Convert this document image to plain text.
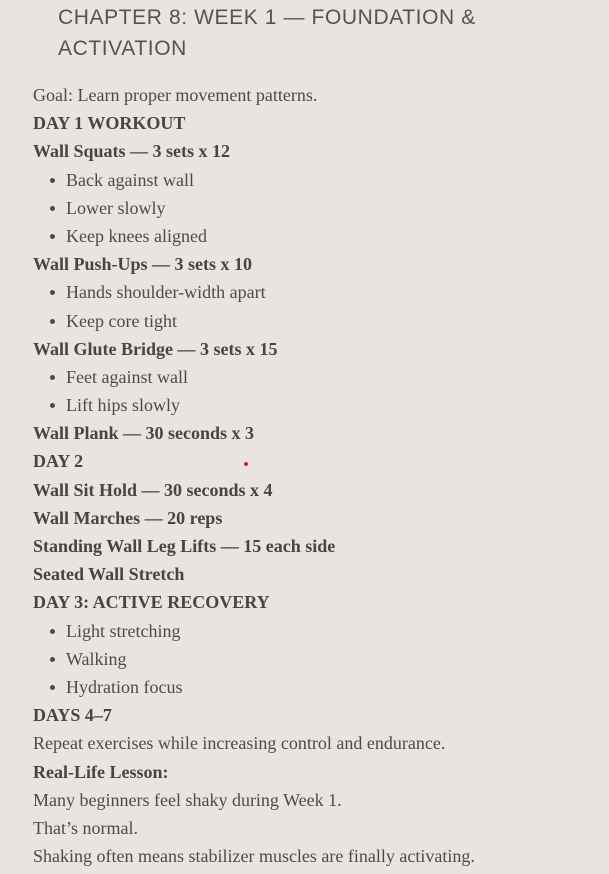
CHAPTER 8: WEEK 1 — FOUNDATION & ACTIVATION
Goal: Learn proper movement patterns.
DAY 1 WORKOUT
Wall Squats — 3 sets x 12
Back against wall
Lower slowly
Keep knees aligned
Wall Push-Ups — 3 sets x 10
Hands shoulder-width apart
Keep core tight
Wall Glute Bridge — 3 sets x 15
Feet against wall
Lift hips slowly
Wall Plank — 30 seconds x 3
DAY 2
Wall Sit Hold — 30 seconds x 4
Wall Marches — 20 reps
Standing Wall Leg Lifts — 15 each side
Seated Wall Stretch
DAY 3: ACTIVE RECOVERY
Light stretching
Walking
Hydration focus
DAYS 4–7
Repeat exercises while increasing control and endurance.
Real-Life Lesson:
Many beginners feel shaky during Week 1.
That’s normal.
Shaking often means stabilizer muscles are finally activating.
